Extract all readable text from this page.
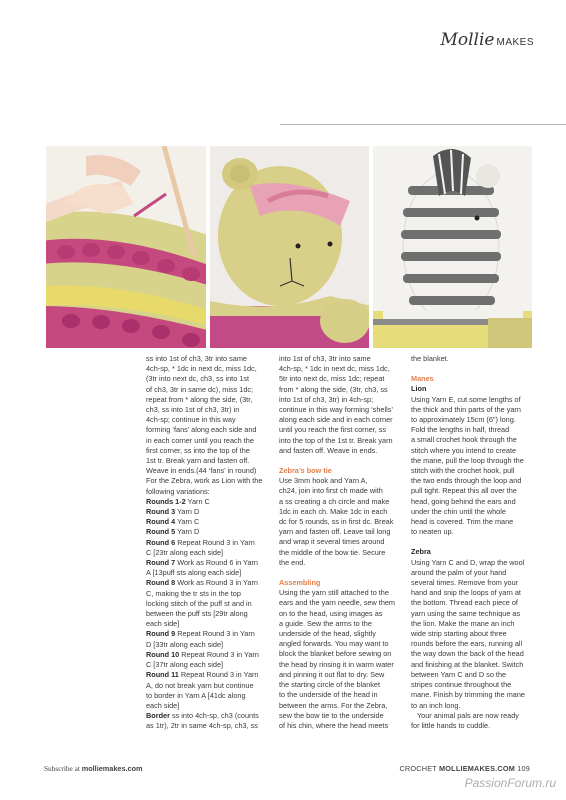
Mollie MAKES

ss into 1st of ch3, 3tr into same

4ch-sp, * 1dc in next dc, miss 1dc,

(3tr into next dc, ch3, ss into 1st

of ch3, 3tr in same dc), miss 1dc;

repeat from * along the side, (3tr,

ch3, ss into 1st of ch3, 3tr) in

4ch-sp; continue in this way

forming ‘fans’ along each side and

in each corner until you reach the

first corner, ss into the top of the

1st tr. Break yarn and fasten off.

Weave in ends.(44 ‘fans’ in round)

For the Zebra, work as Lion with the

following variations:

Rounds 1-2 Yarn C

Round 3 Yarn D

Round 4 Yarn C

Round 5 Yarn D

Round 6 Repeat Round 3 in Yarn

C [23tr along each side]

Round 7 Work as Round 6 in Yarn

A [13puff sts along each side]

Round 8 Work as Round 3 in Yarn

C, making the tr sts in the top

locking stitch of the puff st and in

between the puff sts [29tr along

each side]

Round 9 Repeat Round 3 in Yarn

D [33tr along each side]

Round 10 Repeat Round 3 in Yarn

C [37tr along each side]

Round 11 Repeat Round 3 in Yarn

A, do not break yarn but continue

to border in Yarn A [41dc along

each side]

Border ss into 4ch-sp, ch3 (counts

as 1tr), 2tr in same 4ch-sp, ch3, ss

into 1st of ch3, 3tr into same

4ch-sp, * 1dc in next dc, miss 1dc,

5tr into next dc, miss 1dc; repeat

from * along the side, (3tr, ch3, ss

into 1st of ch3, 3tr) in 4ch-sp;

continue in this way forming ‘shells’

along each side and in each corner

until you reach the first corner, ss

into the top of the 1st tr. Break yarn

and fasten off. Weave in ends.

Zebra’s bow tie

Use 3mm hook and Yarn A,

ch24, join into first ch made with

a ss creating a ch circle and make

1dc in each ch. Make 1dc in each

dc for 5 rounds, ss in first dc. Break

yarn and fasten off. Leave tail long

and wrap it several times around

the middle of the bow tie. Secure

the end.

Assembling

Using the yarn still attached to the

ears and the yarn needle, sew them

on to the head, using images as

a guide. Sew the arms to the

underside of the head, slightly

angled forwards. You may want to

block the blanket before sewing on

the head by rinsing it in warm water

and pinning it out flat to dry. Sew

the starting circle of the blanket

to the underside of the head in

between the arms. For the Zebra,

sew the bow tie to the underside

of his chin, where the head meets

the blanket.

Manes

Lion

Using Yarn E, cut some lengths of

the thick and thin parts of the yarn

to approximately 15cm (6") long.

Fold the lengths in half, thread

a small crochet hook through the

stitch where you intend to create

the mane, pull the loop through the

stitch with the crochet hook, pull

the two ends through the loop and

pull tight. Repeat this all over the

head, going behind the ears and

under the chin until the whole

head is covered. Trim the mane

to neaten up.

Zebra

Using Yarn C and D, wrap the wool

around the palm of your hand

several times. Remove from your

hand and snip the loops of yarn at

the bottom. Thread each piece of

yarn using the same technique as

the lion. Make the mane an inch

wide strip starting about three

rounds before the ears, running all

the way down the back of the head

and finishing at the blanket. Switch

between Yarn C and D so the

stripes continue throughout the

mane. Finish by trimming the mane

to an inch long.

Your animal pals are now ready

for little hands to cuddle.

Subscribe at molliemakes.com	CROCHET MOLLIEMAKES.COM 109
PassionForum.ru
